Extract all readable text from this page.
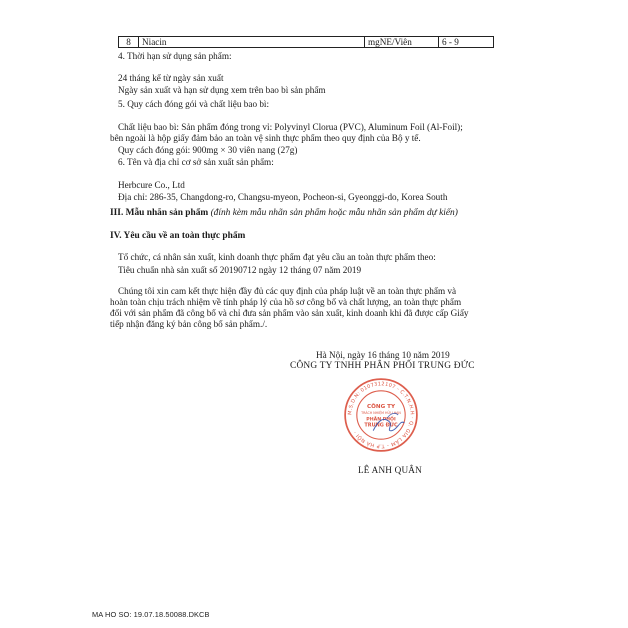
8	Niacin	mgNE/Viên	6 - 9
4. Thời hạn sử dụng sản phẩm:
24 tháng kể từ ngày sản xuất
Ngày sản xuất và hạn sử dụng xem trên bao bì sản phẩm
5. Quy cách đóng gói và chất liệu bao bì:
Chất liệu bao bì: Sản phẩm đóng trong vỉ: Polyvinyl Clorua (PVC), Aluminum Foil (Al-Foil);
bên ngoài là hộp giấy đảm bảo an toàn vệ sinh thực phẩm theo quy định của Bộ y tế.
Quy cách đóng gói: 900mg × 30 viên nang (27g)
6. Tên và địa chỉ cơ sở sản xuất sản phẩm:
Herbcure Co., Ltd
Địa chỉ: 286-35, Changdong-ro, Changsu-myeon, Pocheon-si, Gyeonggi-do, Korea South
III. Mẫu nhãn sản phẩm (đính kèm mẫu nhãn sản phẩm hoặc mẫu nhãn sản phẩm dự kiến)
IV. Yêu cầu về an toàn thực phẩm
Tổ chức, cá nhân sản xuất, kinh doanh thực phẩm đạt yêu cầu an toàn thực phẩm theo:
Tiêu chuẩn nhà sản xuất số 20190712 ngày 12 tháng 07 năm 2019
Chúng tôi xin cam kết thực hiện đầy đủ các quy định của pháp luật về an toàn thực phẩm và
hoàn toàn chịu trách nhiệm về tính pháp lý của hồ sơ công bố và chất lượng, an toàn thực phẩm
đối với sản phẩm đã công bố và chỉ đưa sản phẩm vào sản xuất, kinh doanh khi đã được cấp Giấy
tiếp nhận đăng ký bản công bố sản phẩm./.
Hà Nội, ngày 16 tháng 10 năm 2019
CÔNG TY TNHH PHÂN PHỐI TRUNG ĐỨC
M.S.D.N: 0107312107 - C.T.N.H.H · Q. GIA LÂM - T.P HÀ NỘI ·
CÔNG TY
TRÁCH NHIỆM HỮU HẠN
PHÂN PHỐI
TRUNG ĐỨC
LÊ ANH QUÂN
MA HO SO: 19.07.18.50088.DKCB
